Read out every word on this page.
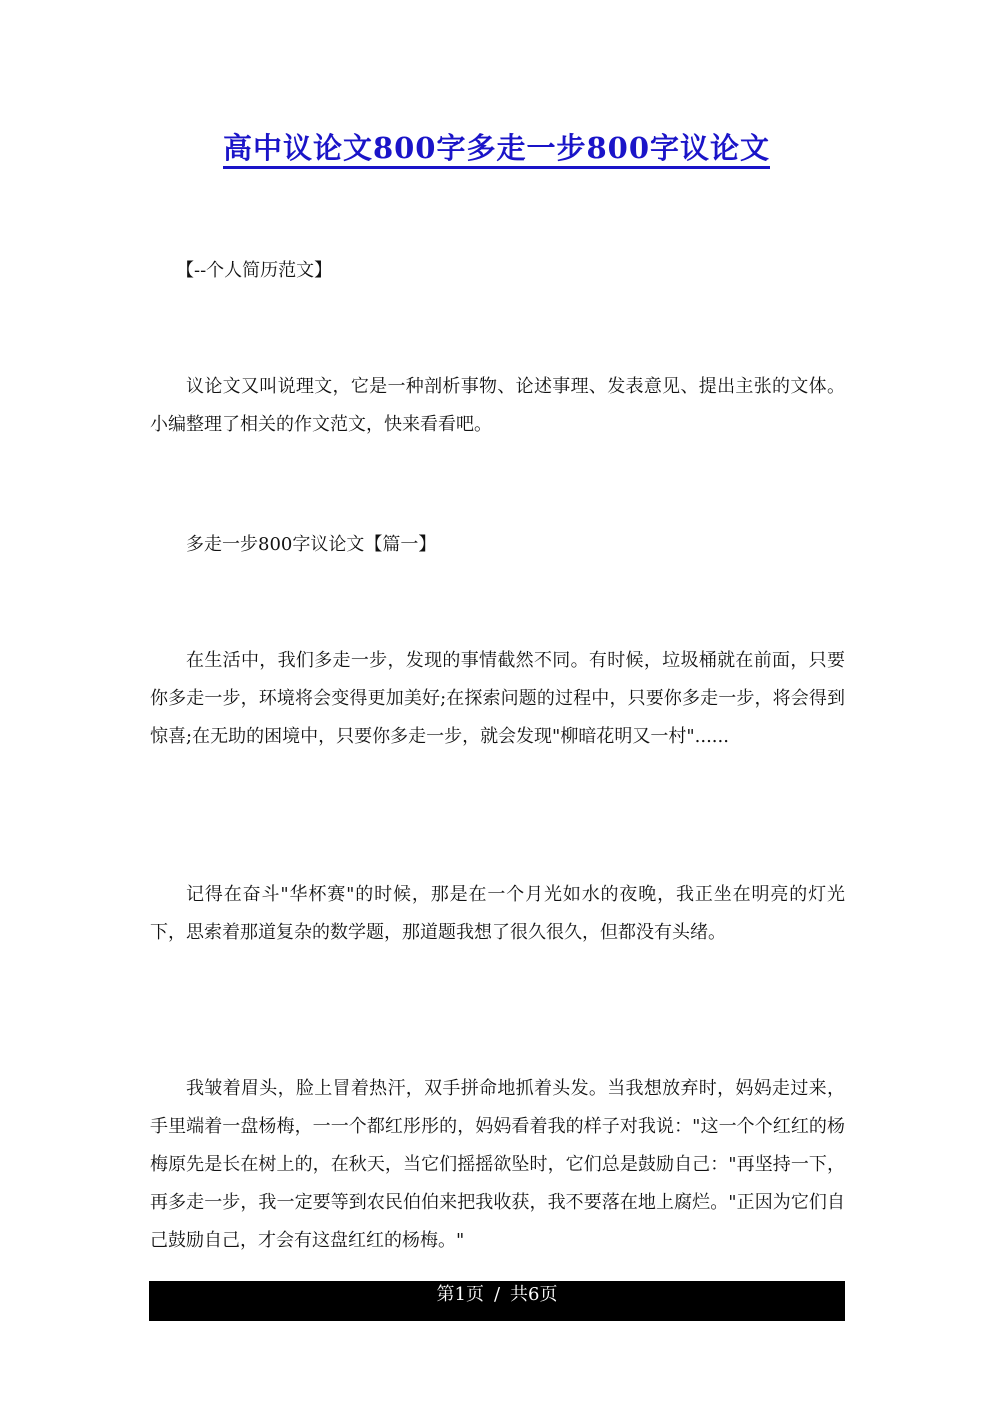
高中议论文800字多走一步800字议论文
【--个人简历范文】
议论文又叫说理文，它是一种剖析事物、论述事理、发表意见、提出主张的文体。小编整理了相关的作文范文，快来看看吧。
多走一步800字议论文【篇一】
在生活中，我们多走一步，发现的事情截然不同。有时候，垃圾桶就在前面，只要你多走一步，环境将会变得更加美好;在探索问题的过程中，只要你多走一步，将会得到惊喜;在无助的困境中，只要你多走一步，就会发现"柳暗花明又一村"......
记得在奋斗"华杯赛"的时候，那是在一个月光如水的夜晚，我正坐在明亮的灯光下，思索着那道复杂的数学题，那道题我想了很久很久，但都没有头绪。
我皱着眉头，脸上冒着热汗，双手拼命地抓着头发。当我想放弃时，妈妈走过来，手里端着一盘杨梅，一一个都红彤彤的，妈妈看着我的样子对我说："这一个个红红的杨梅原先是长在树上的，在秋天，当它们摇摇欲坠时，它们总是鼓励自己："再坚持一下，再多走一步，我一定要等到农民伯伯来把我收获，我不要落在地上腐烂。"正因为它们自己鼓励自己，才会有这盘红红的杨梅。"
第1页 / 共6页
